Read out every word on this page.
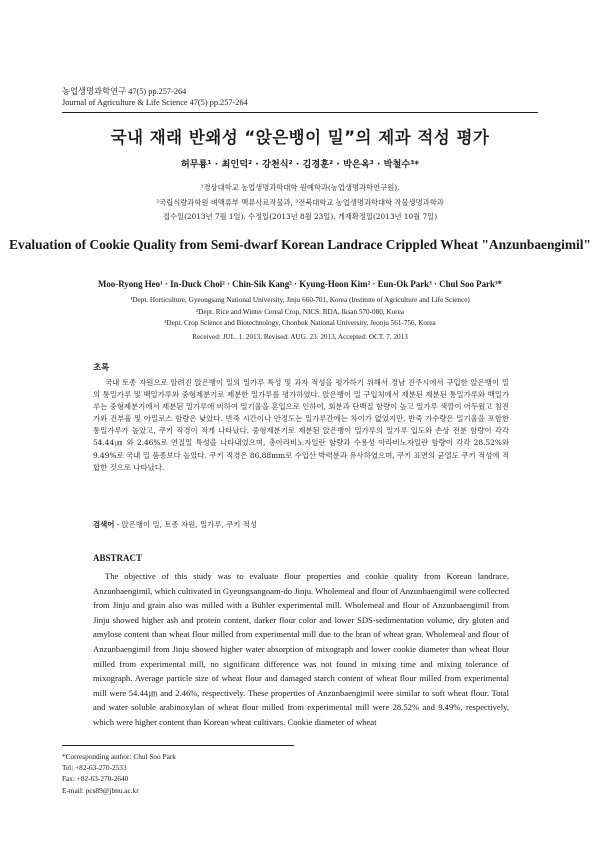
농업생명과학연구 47(5) pp.257-264
Journal of Agriculture & Life Science 47(5) pp.257-264
국내 재래 반왜성 “앉은뱅이 밀”의 제과 적성 평가
허무룡¹ · 최인덕² · 강천식² · 김경훈² · 박은옥³ · 박철수³*
¹경상대학교 농업생명과학대학 원예학과(농업생명과학연구원),
²국립식량과학원 벼맥류부 맥류사료작물과, ³전북대학교 농업생명과학대학 작물생명과학과
접수일(2013년 7월 1일), 수정일(2013년 8월 23일), 게재확정일(2013년 10월 7일)
Evaluation of Cookie Quality from Semi-dwarf Korean Landrace Crippled Wheat "Anzunbaengimil"
Moo-Ryong Heo¹ · In-Duck Choi² · Chin-Sik Kang² · Kyung-Hoon Kim² · Eun-Ok Park³ · Chul Soo Park³*
¹Dept. Horticulture, Gyeongsang National University, Jinju 660-701, Korea (Institute of Agriculture and Life Science)
²Dept. Rice and Winter Cereal Crop, NICS, RDA, Iksan 570-080, Korea
³Dept. Crop Science and Biotechnology, Chonbuk National University, Jeonju 561-756, Korea
Received: JUL. 1. 2013, Revised: AUG. 23. 2013, Accepted: OCT. 7. 2013
초록
국내 토종 자원으로 알려진 앉은뱅이 밀의 밀가루 특성 및 과자 적성을 평가하기 위해서 경남 진주시에서 구입한 앉은뱅이 밀의 통밀가루 및 백밀가루와 중형제분기로 제분한 밀가루를 평가하였다. 앉은뱅이 밀 구입처에서 제분된 제분된 통밀가루와 백밀가루는 중형제분기에서 제분된 밀가루에 비하여 밀기울을 혼입으로 인하여, 회분과 단백질 함량이 높고 밀가루 색깔이 어두웠고 침전가와 건부율 및 아밀로스 함량은 낮았다. 반죽 시간이나 안정도는 밀가루간에는 차이가 없었지만, 반죽 가수량은 밀기울을 포함한 통밀가루가 높았고, 쿠키 직경이 적게 나타났다. 중형제분기로 제분된 앉은뱅이 밀가루의 밀가루 입도와 손상 전분 함량이 각각 54.44㎛ 와 2.46%로 연질밀 특성을 나타내었으며, 총아라비노자일란 함량과 수용성 아라비노자일란 함량이 각각 28.52%와 9.49%로 국내 밀 품종보다 높았다. 쿠키 직경은 86.88mm로 수입산 박력분과 유사하였으며, 쿠키 표면의 균열도 쿠키 적성에 적합한 것으로 나타났다.
검색어 - 앉은뱅이 밀, 토종 자원, 밀가루, 쿠키 적성
ABSTRACT
The objective of this study was to evaluate flour properties and cookie quality from Korean landrace, Anzunbaengimil, which cultivated in Gyeongsangnam-do Jinju. Wholemeal and flour of Anzunbaengimil were collected from Jinju and grain also was milled with a Bühler experimental mill. Wholemeal and flour of Anzunbaengimil from Jinju showed higher ash and protein content, darker flour color and lower SDS-sedimentation volume, dry gluten and amylose content than wheat flour milled from experimental mill due to the bran of wheat gran. Wholemeal and flour of Anzunbaengimil from Jinju showed higher water absorption of mixograph and lower cookie diameter than wheat flour milled from experimental mill, no significant difference was not found in mixing time and mixing tolerance of mixograph. Average particle size of wheat flour and damaged starch content of wheat flour milled from experimental mill were 54.44㎛ and 2.46%, respectively. These properties of Anzunbaengimil were similar to soft wheat flour. Total and water soluble arabinoxylan of wheat flour milled from experimental mill were 28.52% and 9.49%, respectively, which were higher content than Korean wheat cultivars. Cookie diameter of wheat
*Corresponding author: Chul Soo Park
Tel: +82-63-270-2533
Fax: +82-63-270-2640
E-mail: pcs89@jbnu.ac.kr
